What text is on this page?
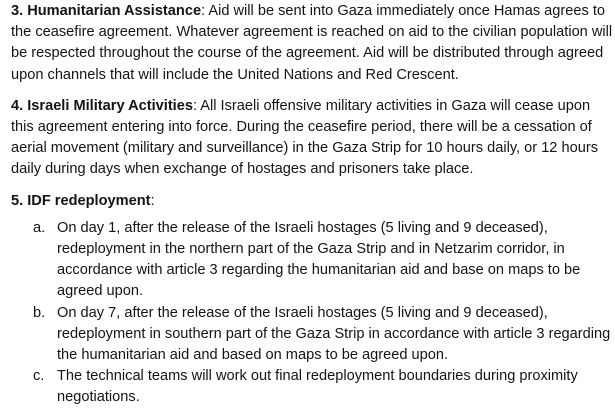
3. Humanitarian Assistance: Aid will be sent into Gaza immediately once Hamas agrees to the ceasefire agreement. Whatever agreement is reached on aid to the civilian population will be respected throughout the course of the agreement. Aid will be distributed through agreed upon channels that will include the United Nations and Red Crescent.

4. Israeli Military Activities: All Israeli offensive military activities in Gaza will cease upon this agreement entering into force. During the ceasefire period, there will be a cessation of aerial movement (military and surveillance) in the Gaza Strip for 10 hours daily, or 12 hours daily during days when exchange of hostages and prisoners take place.

5. IDF redeployment:

a. On day 1, after the release of the Israeli hostages (5 living and 9 deceased), redeployment in the northern part of the Gaza Strip and in Netzarim corridor, in accordance with article 3 regarding the humanitarian aid and base on maps to be agreed upon.
b. On day 7, after the release of the Israeli hostages (5 living and 9 deceased), redeployment in southern part of the Gaza Strip in accordance with article 3 regarding the humanitarian aid and based on maps to be agreed upon.
c. The technical teams will work out final redeployment boundaries during proximity negotiations.
